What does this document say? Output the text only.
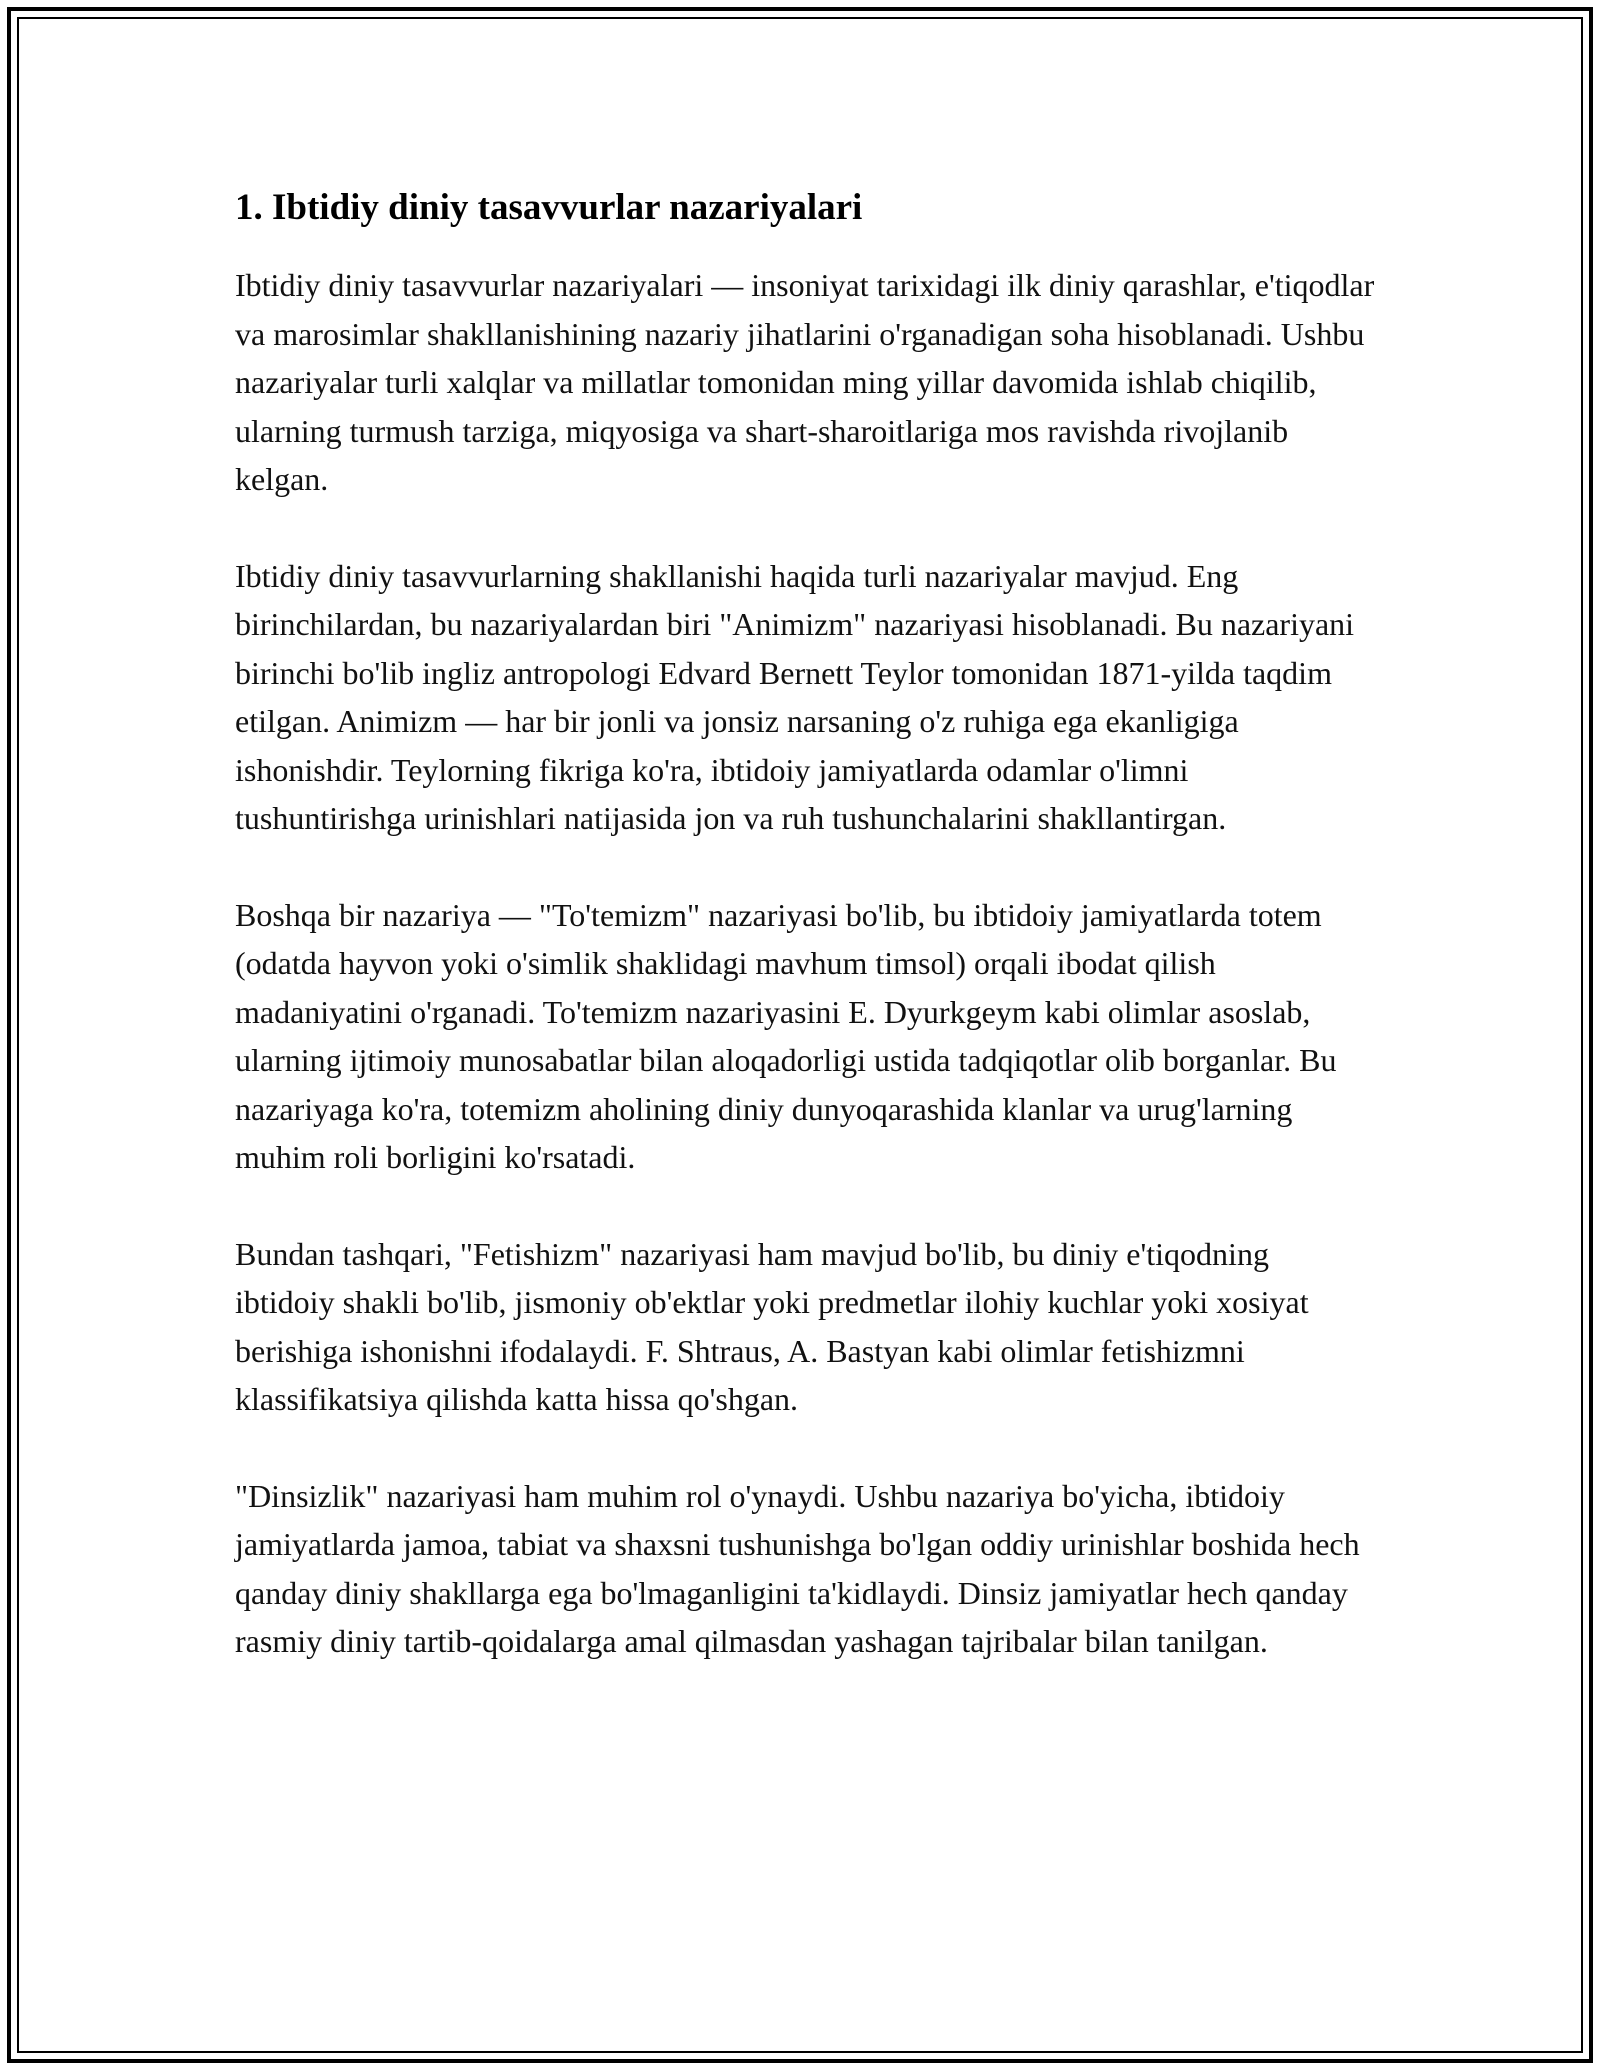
1. Ibtidiy diniy tasavvurlar nazariyalari

Ibtidiy diniy tasavvurlar nazariyalari — insoniyat tarixidagi ilk diniy qarashlar, e'tiqodlar va marosimlar shakllanishining nazariy jihatlarini o'rganadigan soha hisoblanadi. Ushbu nazariyalar turli xalqlar va millatlar tomonidan ming yillar davomida ishlab chiqilib, ularning turmush tarziga, miqyosiga va shart-sharoitlariga mos ravishda rivojlanib kelgan.

Ibtidiy diniy tasavvurlarning shakllanishi haqida turli nazariyalar mavjud. Eng birinchilardan, bu nazariyalardan biri "Animizm" nazariyasi hisoblanadi. Bu nazariyani birinchi bo'lib ingliz antropologi Edvard Bernett Teylor tomonidan 1871-yilda taqdim etilgan. Animizm — har bir jonli va jonsiz narsaning o'z ruhiga ega ekanligiga ishonishdir. Teylorning fikriga ko'ra, ibtidoiy jamiyatlarda odamlar o'limni tushuntirishga urinishlari natijasida jon va ruh tushunchalarini shakllantirgan.

Boshqa bir nazariya — "To'temizm" nazariyasi bo'lib, bu ibtidoiy jamiyatlarda totem (odatda hayvon yoki o'simlik shaklidagi mavhum timsol) orqali ibodat qilish madaniyatini o'rganadi. To'temizm nazariyasini E. Dyurkgeym kabi olimlar asoslab, ularning ijtimoiy munosabatlar bilan aloqadorligi ustida tadqiqotlar olib borganlar. Bu nazariyaga ko'ra, totemizm aholining diniy dunyoqarashida klanlar va urug'larning muhim roli borligini ko'rsatadi.

Bundan tashqari, "Fetishizm" nazariyasi ham mavjud bo'lib, bu diniy e'tiqodning ibtidoiy shakli bo'lib, jismoniy ob'ektlar yoki predmetlar ilohiy kuchlar yoki xosiyat berishiga ishonishni ifodalaydi. F. Shtraus, A. Bastyan kabi olimlar fetishizmni klassifikatsiya qilishda katta hissa qo'shgan.

"Dinsizlik" nazariyasi ham muhim rol o'ynaydi. Ushbu nazariya bo'yicha, ibtidoiy jamiyatlarda jamoa, tabiat va shaxsni tushunishga bo'lgan oddiy urinishlar boshida hech qanday diniy shakllarga ega bo'lmaganligini ta'kidlaydi. Dinsiz jamiyatlar hech qanday rasmiy diniy tartib-qoidalarga amal qilmasdan yashagan tajribalar bilan tanilgan.
